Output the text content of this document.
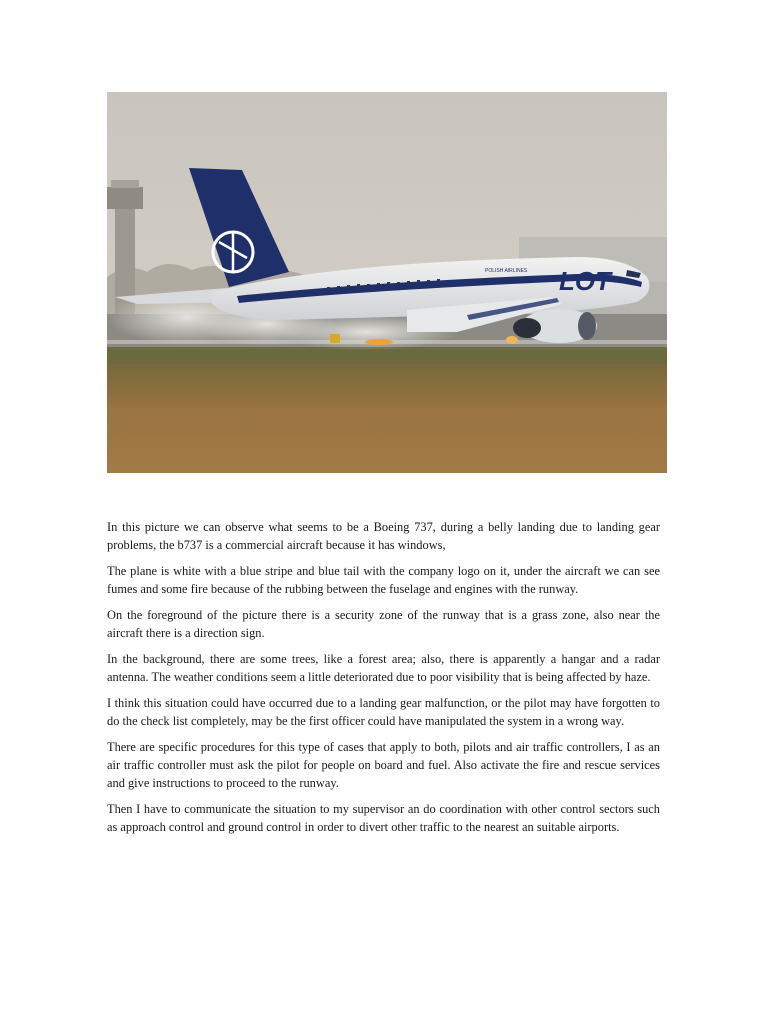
LOT
POLISH AIRLINES

In this picture we can observe what seems to be a Boeing 737, during a belly landing due to landing gear problems, the b737 is a commercial aircraft because it has windows,

The plane is white with a blue stripe and blue tail with the company logo on it, under the aircraft we can see fumes and some fire because of the rubbing between the fuselage and engines with the runway.

On the foreground of the picture there is a security zone of the runway that is a grass zone, also near the aircraft there is a direction sign.

In the background, there are some trees, like a forest area; also, there is apparently a hangar and a radar antenna. The weather conditions seem a little deteriorated due to poor visibility that is being affected by haze.

I think this situation could have occurred due to a landing gear malfunction, or the pilot may have forgotten to do the check list completely, may be the first officer could have manipulated the system in a wrong way.

There are specific procedures for this type of cases that apply to both, pilots and air traffic controllers, I as an air traffic controller must ask the pilot for people on board and fuel. Also activate the fire and rescue services and give instructions to proceed to the runway.

Then I have to communicate the situation to my supervisor an do coordination with other control sectors such as approach control and ground control in order to divert other traffic to the nearest an suitable airports.
